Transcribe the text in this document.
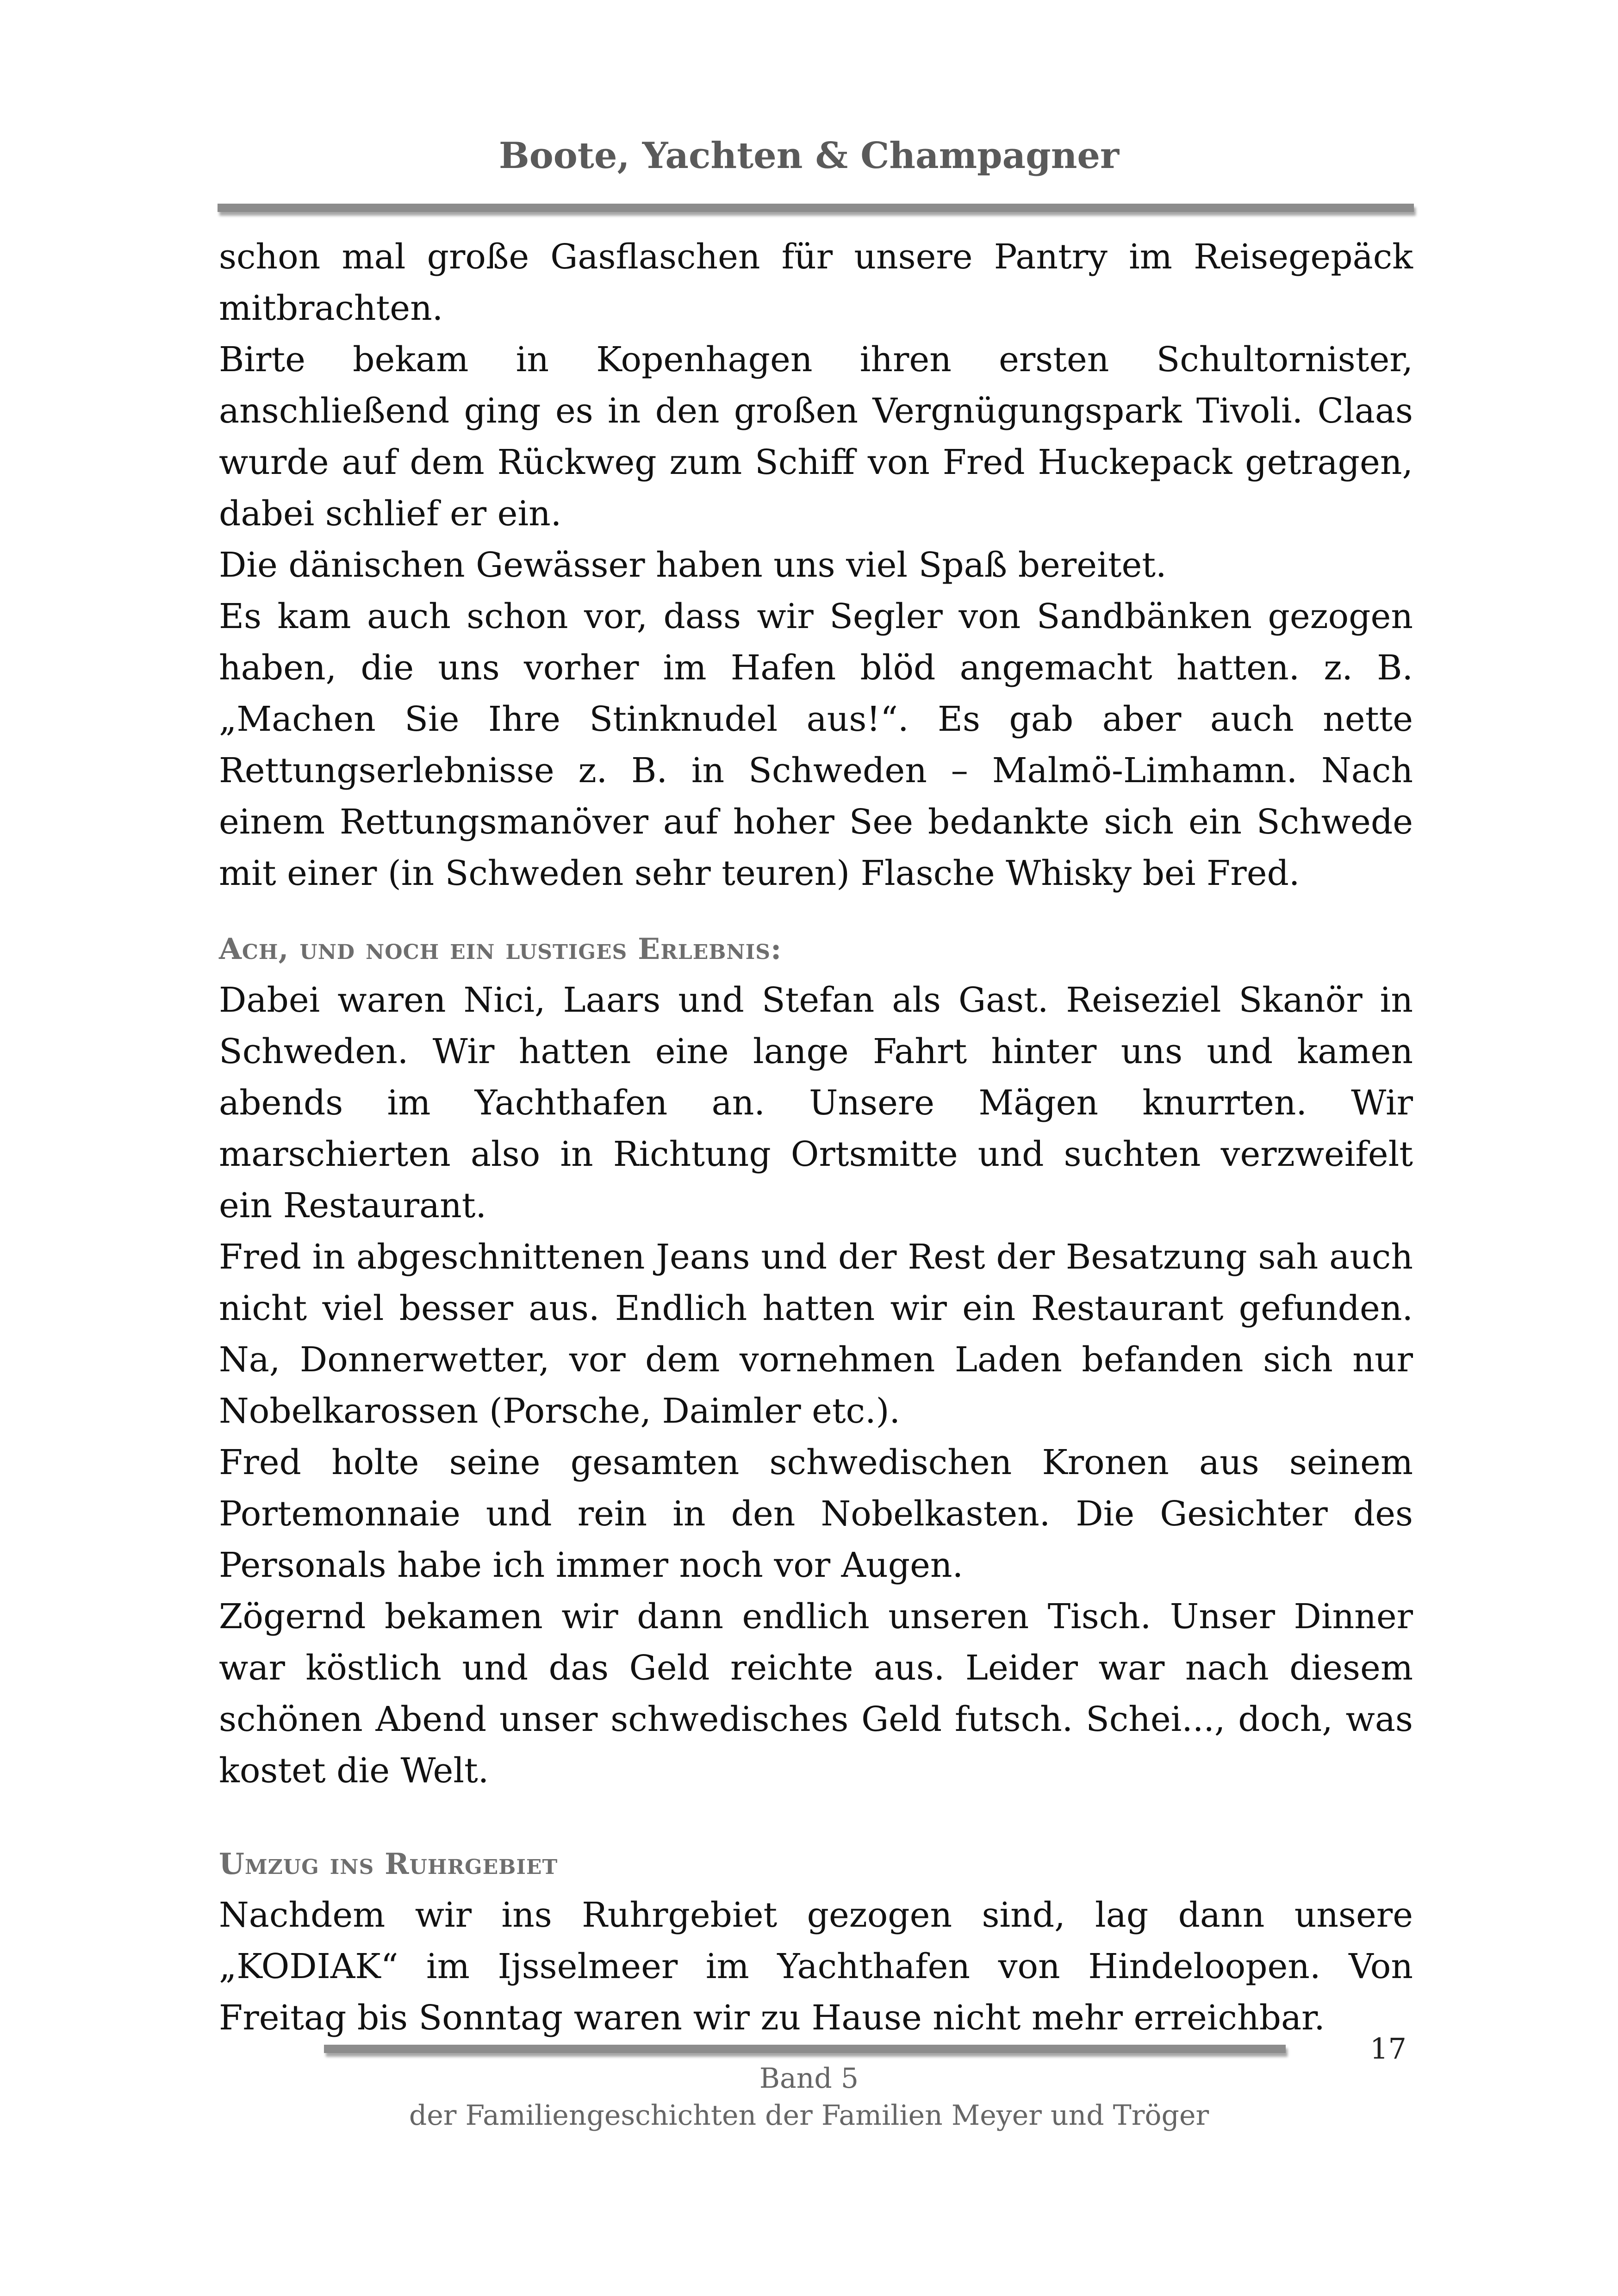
Boote, Yachten & Champagner

schon mal große Gasflaschen für unsere Pantry im Reisegepäck mitbrachten.

Birte bekam in Kopenhagen ihren ersten Schultornister, anschließend ging es in den großen Vergnügungspark Tivoli. Claas wurde auf dem Rückweg zum Schiff von Fred Huckepack getragen, dabei schlief er ein.

Die dänischen Gewässer haben uns viel Spaß bereitet.

Es kam auch schon vor, dass wir Segler von Sandbänken gezogen haben, die uns vorher im Hafen blöd angemacht hatten. z. B. „Machen Sie Ihre Stinknudel aus!“. Es gab aber auch nette Rettungserlebnisse z. B. in Schweden – Malmö-Limhamn. Nach einem Rettungsmanöver auf hoher See bedankte sich ein Schwede mit einer (in Schweden sehr teuren) Flasche Whisky bei Fred.

Ach, und noch ein lustiges Erlebnis:

Dabei waren Nici, Laars und Stefan als Gast. Reiseziel Skanör in Schweden. Wir hatten eine lange Fahrt hinter uns und kamen abends im Yachthafen an. Unsere Mägen knurrten. Wir marschierten also in Richtung Ortsmitte und suchten verzweifelt ein Restaurant.

Fred in abgeschnittenen Jeans und der Rest der Besatzung sah auch nicht viel besser aus. Endlich hatten wir ein Restaurant gefunden. Na, Donnerwetter, vor dem vornehmen Laden befanden sich nur Nobelkarossen (Porsche, Daimler etc.).

Fred holte seine gesamten schwedischen Kronen aus seinem Portemonnaie und rein in den Nobelkasten. Die Gesichter des Personals habe ich immer noch vor Augen.

Zögernd bekamen wir dann endlich unseren Tisch. Unser Dinner war köstlich und das Geld reichte aus. Leider war nach diesem schönen Abend unser schwedisches Geld futsch. Schei..., doch, was kostet die Welt.

Umzug ins Ruhrgebiet

Nachdem wir ins Ruhrgebiet gezogen sind, lag dann unsere „KODIAK“ im Ijsselmeer im Yachthafen von Hindeloopen. Von Freitag bis Sonntag waren wir zu Hause nicht mehr erreichbar.

17
Band 5
der Familiengeschichten der Familien Meyer und Tröger
